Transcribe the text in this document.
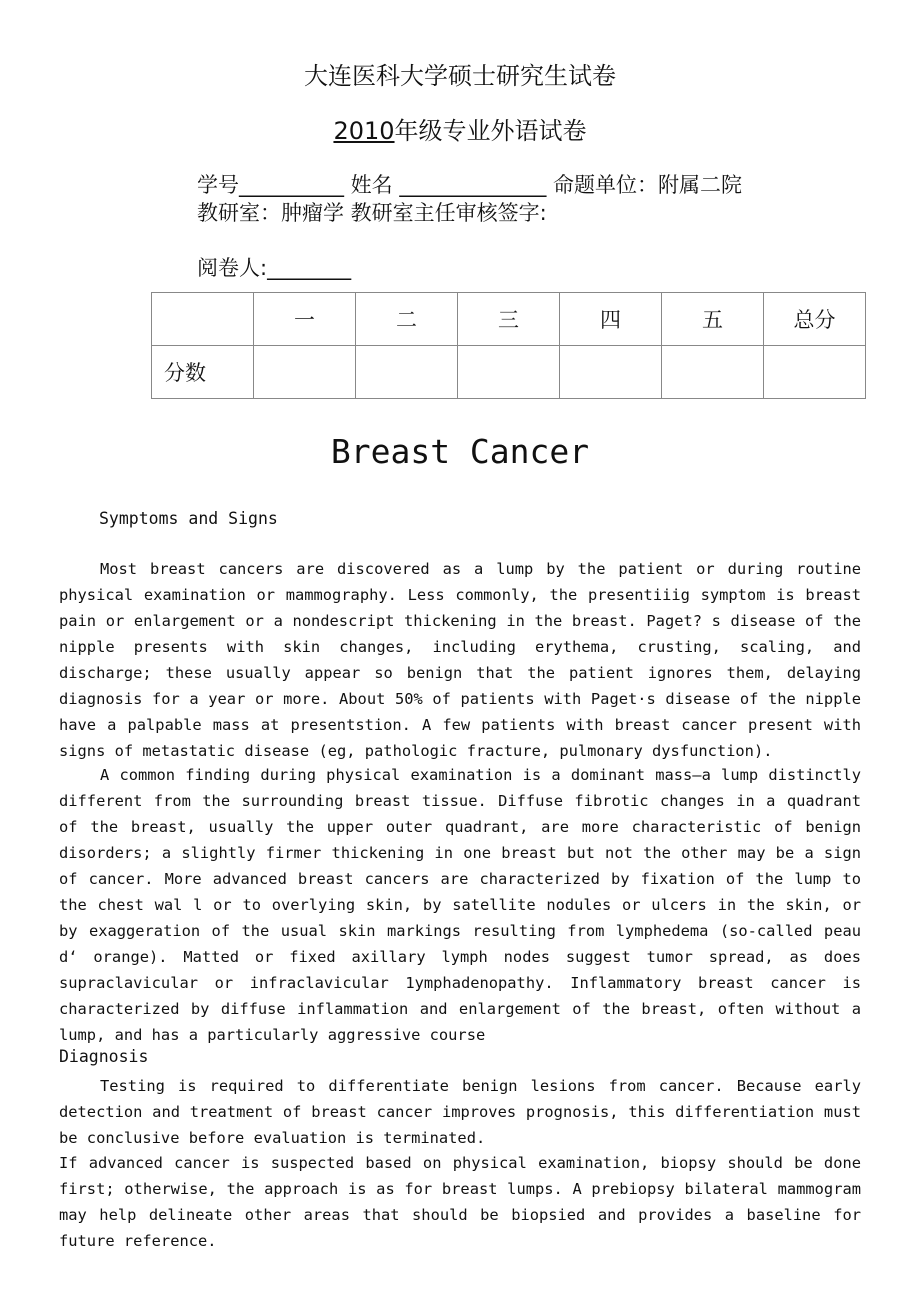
大连医科大学硕士研究生试卷
2010年级专业外语试卷
学号__________ 姓名 ______________ 命题单位：附属二院
教研室：肿瘤学 教研室主任审核签字:
阅卷人:________
	一	二	三	四	五	总分
分数						
Breast Cancer
Symptoms and Signs

Most breast cancers are discovered as a lump by the patient or during routine physical examination or mammography. Less commonly, the presentiiig symptom is breast pain or enlargement or a nondescript thickening in the breast. Paget? s disease of the nipple presents with skin changes, including erythema, crusting, scaling, and discharge; these usually appear so benign that the patient ignores them, delaying diagnosis for a year or more. About 50% of patients with Paget·s disease of the nipple have a palpable mass at presentstion. A few patients with breast cancer present with signs of metastatic disease (eg, pathologic fracture, pulmonary dysfunction).

A common finding during physical examination is a dominant mass—a lump distinctly different from the surrounding breast tissue. Diffuse fibrotic changes in a quadrant of the breast, usually the upper outer quadrant, are more characteristic of benign disorders; a slightly firmer thickening in one breast but not the other may be a sign of cancer. More advanced breast cancers are characterized by fixation of the lump to the chest wal l or to overlying skin, by satellite nodules or ulcers in the skin, or by exaggeration of the usual skin markings resulting from lymphedema (so-called peau d‘ orange). Matted or fixed axillary lymph nodes suggest tumor spread, as does supraclavicular or infraclavicular 1ymphadenopathy. Inflammatory breast cancer is characterized by diffuse inflammation and enlargement of the breast, often without a lump, and has a particularly aggressive course

Diagnosis

Testing is required to differentiate benign lesions from cancer. Because early detection and treatment of breast cancer improves prognosis, this differentiation must be conclusive before evaluation is terminated.

If advanced cancer is suspected based on physical examination, biopsy should be done first; otherwise, the approach is as for breast lumps. A prebiopsy bilateral mammogram may help delineate other areas that should be biopsied and provides a baseline for future reference.
